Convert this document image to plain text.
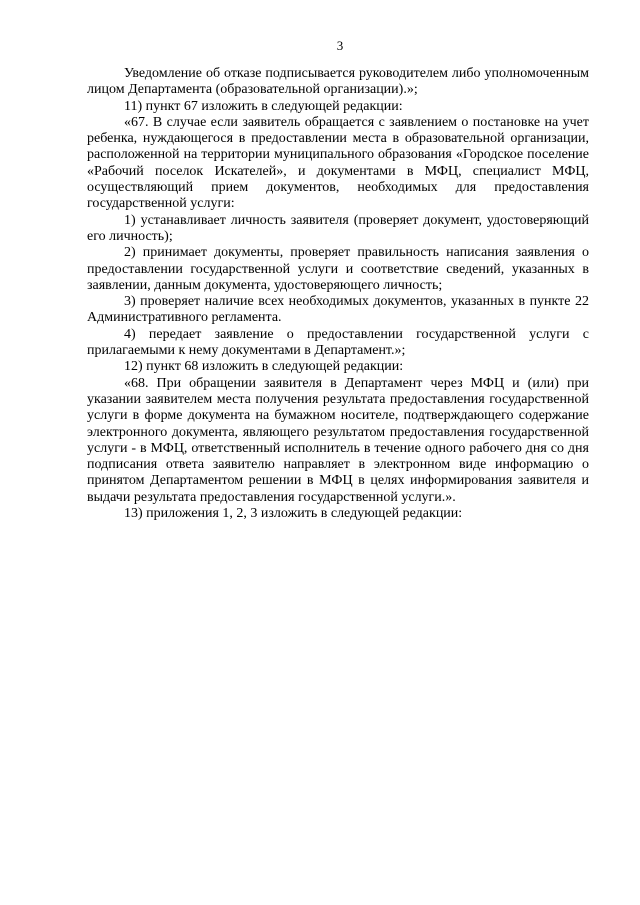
3

Уведомление об отказе подписывается руководителем либо уполномоченным лицом Департамента (образовательной организации).»;

11) пункт 67 изложить в следующей редакции:

«67. В случае если заявитель обращается с заявлением о постановке на учет ребенка, нуждающегося в предоставлении места в образовательной организации, расположенной на территории муниципального образования «Городское поселение «Рабочий поселок Искателей», и документами в МФЦ, специалист МФЦ, осуществляющий прием документов, необходимых для предоставления государственной услуги:

1) устанавливает личность заявителя (проверяет документ, удостоверяющий его личность);

2) принимает документы, проверяет правильность написания заявления о предоставлении государственной услуги и соответствие сведений, указанных в заявлении, данным документа, удостоверяющего личность;

3) проверяет наличие всех необходимых документов, указанных в пункте 22 Административного регламента.

4) передает заявление о предоставлении государственной услуги с прилагаемыми к нему документами в Департамент.»;

12) пункт 68 изложить в следующей редакции:

«68. При обращении заявителя в Департамент через МФЦ и (или) при указании заявителем места получения результата предоставления государственной услуги в форме документа на бумажном носителе, подтверждающего содержание электронного документа, являющего результатом предоставления государственной услуги - в МФЦ, ответственный исполнитель в течение одного рабочего дня со дня подписания ответа заявителю направляет в электронном виде информацию о принятом Департаментом решении в МФЦ в целях информирования заявителя и выдачи результата предоставления государственной услуги.».

13) приложения 1, 2, 3 изложить в следующей редакции:
